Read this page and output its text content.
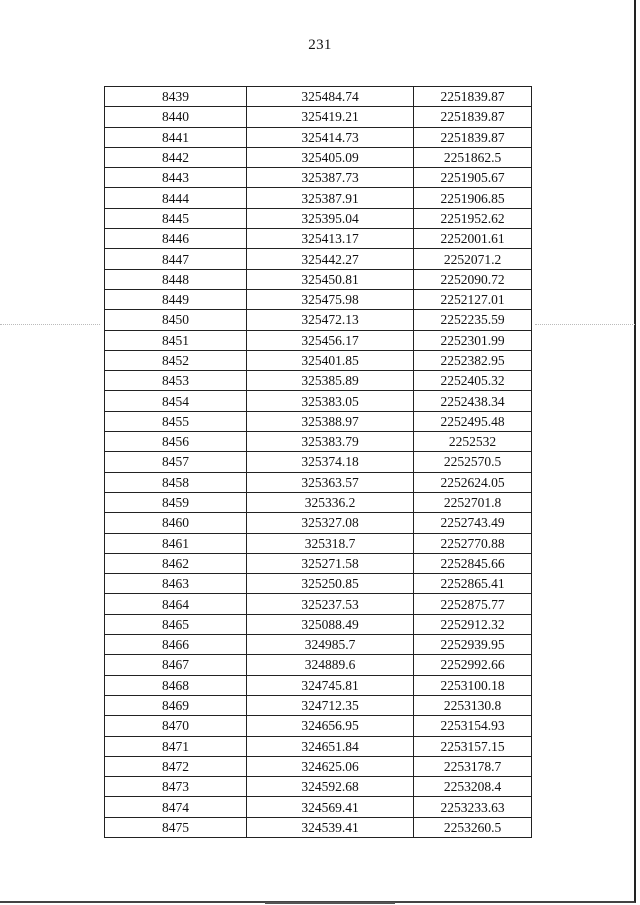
231
8439	325484.74	2251839.87
8440	325419.21	2251839.87
8441	325414.73	2251839.87
8442	325405.09	2251862.5
8443	325387.73	2251905.67
8444	325387.91	2251906.85
8445	325395.04	2251952.62
8446	325413.17	2252001.61
8447	325442.27	2252071.2
8448	325450.81	2252090.72
8449	325475.98	2252127.01
8450	325472.13	2252235.59
8451	325456.17	2252301.99
8452	325401.85	2252382.95
8453	325385.89	2252405.32
8454	325383.05	2252438.34
8455	325388.97	2252495.48
8456	325383.79	2252532
8457	325374.18	2252570.5
8458	325363.57	2252624.05
8459	325336.2	2252701.8
8460	325327.08	2252743.49
8461	325318.7	2252770.88
8462	325271.58	2252845.66
8463	325250.85	2252865.41
8464	325237.53	2252875.77
8465	325088.49	2252912.32
8466	324985.7	2252939.95
8467	324889.6	2252992.66
8468	324745.81	2253100.18
8469	324712.35	2253130.8
8470	324656.95	2253154.93
8471	324651.84	2253157.15
8472	324625.06	2253178.7
8473	324592.68	2253208.4
8474	324569.41	2253233.63
8475	324539.41	2253260.5
